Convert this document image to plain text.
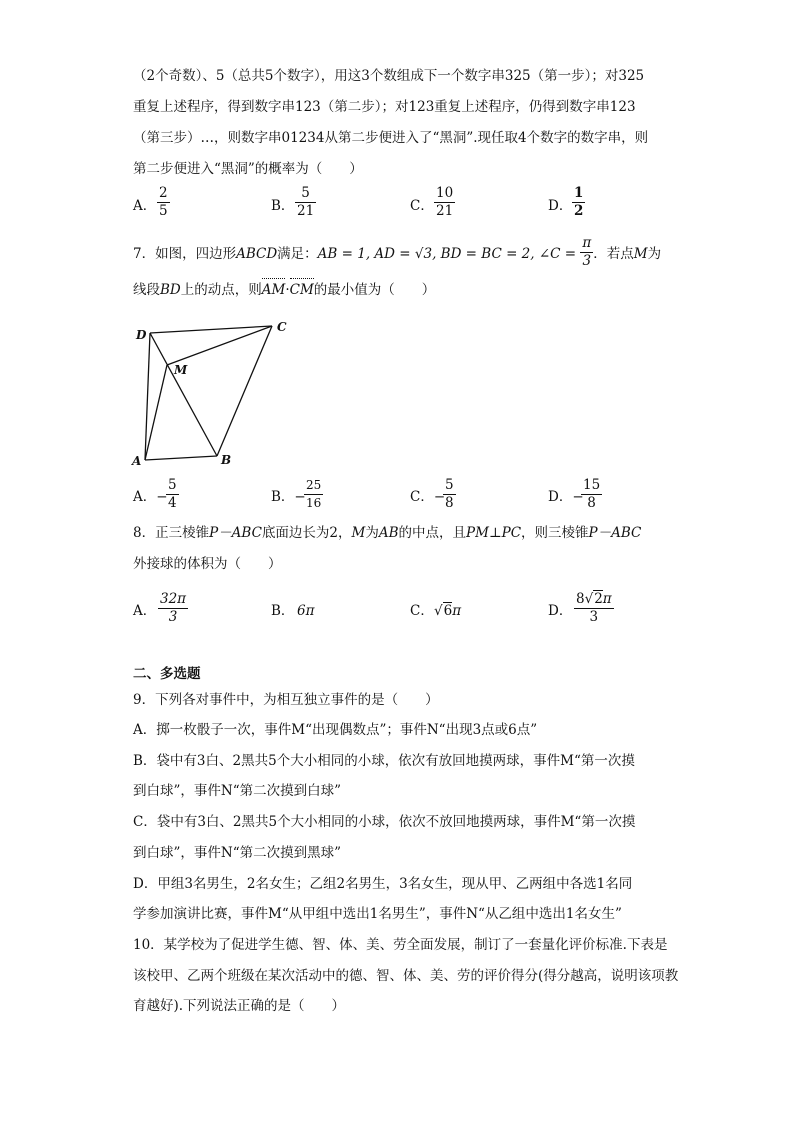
（2个奇数）、5（总共5个数字），用这3个数组成下一个数字串325（第一步）；对325
重复上述程序，得到数字串123（第二步）；对123重复上述程序，仍得到数字串123
（第三步）…，则数字串01234从第二步便进入了“黑洞”.现任取4个数字的数字串，则
第二步便进入“黑洞”的概率为（　　）
A．
2
5	B．
5
21	C．
10
21	D．
1
2
7．如图，四边形ABCD满足：AB = 1, AD = √3, BD = BC = 2, ∠C = $\frac{\pi}{3}$ ．若点M为
线段BD上的动点，则AM·CM的最小值为（　　）
D
C
M
A	B
A．−
5
4	B．−
25
16	C．−
5
8	D．−
15
8
8．正三棱锥P－ABC底面边长为2，M为AB的中点，且PM⊥PC，则三棱锥P－ABC
外接球的体积为（　　）
A．
32π
3	B． 6π	C． √6π	D．
8√2π
3
二、多选题
9．下列各对事件中，为相互独立事件的是（　　）
A．掷一枚骰子一次，事件M“出现偶数点”；事件N“出现3点或6点”
B．袋中有3白、2黑共5个大小相同的小球，依次有放回地摸两球，事件M“第一次摸
到白球”，事件N“第二次摸到白球”
C．袋中有3白、2黑共5个大小相同的小球，依次不放回地摸两球，事件M“第一次摸
到白球”，事件N“第二次摸到黑球”
D．甲组3名男生，2名女生；乙组2名男生，3名女生，现从甲、乙两组中各选1名同
学参加演讲比赛，事件M“从甲组中选出1名男生”，事件N“从乙组中选出1名女生”
10．某学校为了促进学生德、智、体、美、劳全面发展，制订了一套量化评价标准.下表是
该校甲、乙两个班级在某次活动中的德、智、体、美、劳的评价得分(得分越高，说明该项教
育越好).下列说法正确的是（　　）
